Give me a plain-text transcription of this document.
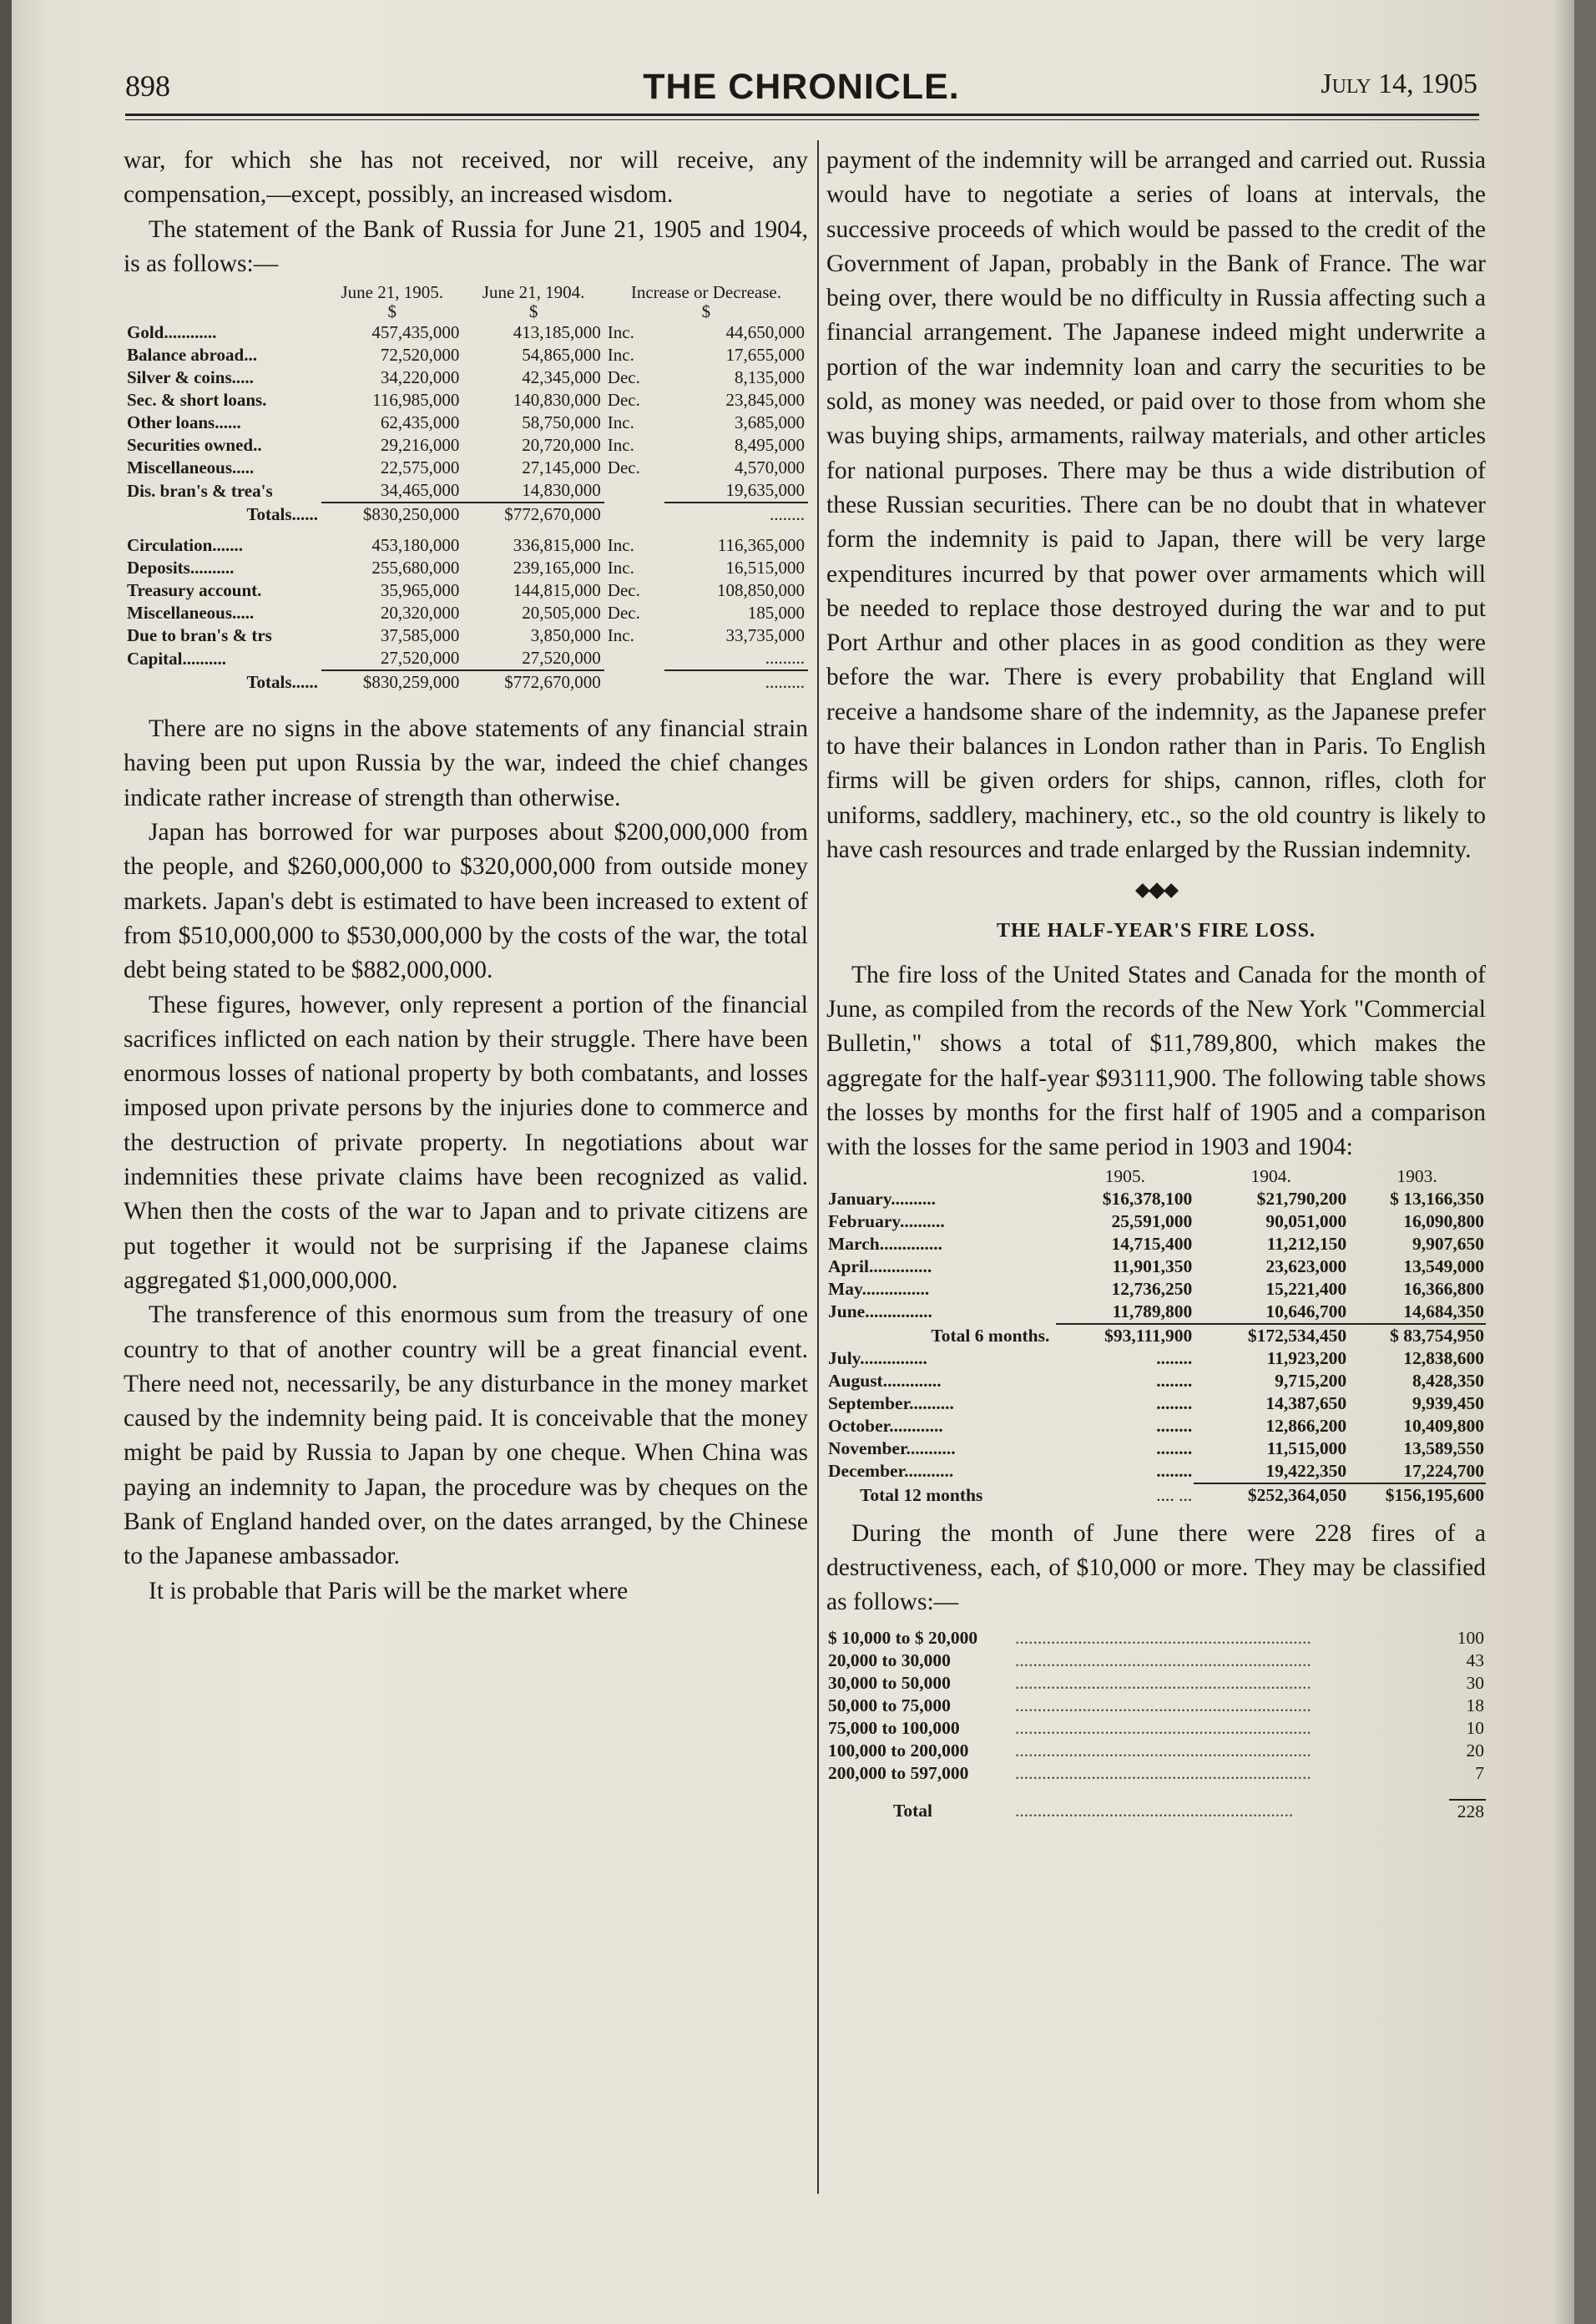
898	THE CHRONICLE.	July 14, 1905

war, for which she has not received, nor will receive, any compensation,—except, possibly, an increased wisdom.

The statement of the Bank of Russia for June 21, 1905 and 1904, is as follows:—

	June 21, 1905.	June 21, 1904.	Increase or Decrease.	
	$	$	$	
Gold............	457,435,000	413,185,000	Inc.	44,650,000
Balance abroad...	72,520,000	54,865,000	Inc.	17,655,000
Silver & coins.....	34,220,000	42,345,000	Dec.	8,135,000
Sec. & short loans.	116,985,000	140,830,000	Dec.	23,845,000
Other loans......	62,435,000	58,750,000	Inc.	3,685,000
Securities owned..	29,216,000	20,720,000	Inc.	8,495,000
Miscellaneous.....	22,575,000	27,145,000	Dec.	4,570,000
Dis. bran's & trea's	34,465,000	14,830,000		19,635,000

Totals......	$830,250,000	$772,670,000		........

Circulation.......	453,180,000	336,815,000	Inc.	116,365,000
Deposits..........	255,680,000	239,165,000	Inc.	16,515,000
Treasury account.	35,965,000	144,815,000	Dec.	108,850,000
Miscellaneous.....	20,320,000	20,505,000	Dec.	185,000
Due to bran's & trs	37,585,000	3,850,000	Inc.	33,735,000
Capital..........	27,520,000	27,520,000		.........

Totals......	$830,259,000	$772,670,000		.........

There are no signs in the above statements of any financial strain having been put upon Russia by the war, indeed the chief changes indicate rather increase of strength than otherwise.

Japan has borrowed for war purposes about $200,000,000 from the people, and $260,000,000 to $320,000,000 from outside money markets. Japan's debt is estimated to have been increased to extent of from $510,000,000 to $530,000,000 by the costs of the war, the total debt being stated to be $882,000,000.

These figures, however, only represent a portion of the financial sacrifices inflicted on each nation by their struggle. There have been enormous losses of national property by both combatants, and losses imposed upon private persons by the injuries done to commerce and the destruction of private property. In negotiations about war indemnities these private claims have been recognized as valid. When then the costs of the war to Japan and to private citizens are put together it would not be surprising if the Japanese claims aggregated $1,000,000,000.

The transference of this enormous sum from the treasury of one country to that of another country will be a great financial event. There need not, necessarily, be any disturbance in the money market caused by the indemnity being paid. It is conceivable that the money might be paid by Russia to Japan by one cheque. When China was paying an indemnity to Japan, the procedure was by cheques on the Bank of England handed over, on the dates arranged, by the Chinese to the Japanese ambassador.

It is probable that Paris will be the market where

payment of the indemnity will be arranged and carried out. Russia would have to negotiate a series of loans at intervals, the successive proceeds of which would be passed to the credit of the Government of Japan, probably in the Bank of France. The war being over, there would be no difficulty in Russia affecting such a financial arrangement. The Japanese indeed might underwrite a portion of the war indemnity loan and carry the securities to be sold, as money was needed, or paid over to those from whom she was buying ships, armaments, railway materials, and other articles for national purposes. There may be thus a wide distribution of these Russian securities. There can be no doubt that in whatever form the indemnity is paid to Japan, there will be very large expenditures incurred by that power over armaments which will be needed to replace those destroyed during the war and to put Port Arthur and other places in as good condition as they were before the war. There is every probability that England will receive a handsome share of the indemnity, as the Japanese prefer to have their balances in London rather than in Paris. To English firms will be given orders for ships, cannon, rifles, cloth for uniforms, saddlery, machinery, etc., so the old country is likely to have cash resources and trade enlarged by the Russian indemnity.

⬥◆⬥
THE HALF-YEAR'S FIRE LOSS.

The fire loss of the United States and Canada for the month of June, as compiled from the records of the New York "Commercial Bulletin," shows a total of $11,789,800, which makes the aggregate for the half-year $93111,900. The following table shows the losses by months for the first half of 1905 and a comparison with the losses for the same period in 1903 and 1904:

	1905.	1904.	1903.
January..........	$16,378,100	$21,790,200	$ 13,166,350
February..........	25,591,000	90,051,000	16,090,800
March..............	14,715,400	11,212,150	9,907,650
April..............	11,901,350	23,623,000	13,549,000
May...............	12,736,250	15,221,400	16,366,800
June...............	11,789,800	10,646,700	14,684,350

Total 6 months.	$93,111,900	$172,534,450	$ 83,754,950
July...............	........	11,923,200	12,838,600
August.............	........	9,715,200	8,428,350
September..........	........	14,387,650	9,939,450
October............	........	12,866,200	10,409,800
November...........	........	11,515,000	13,589,550
December...........	........	19,422,350	17,224,700

Total 12 months	.... ...	$252,364,050	$156,195,600

During the month of June there were 228 fires of a destructiveness, each, of $10,000 or more. They may be classified as follows:—

$ 10,000 to $ 20,000	..................................................................	100
20,000 to 30,000	..................................................................	43
30,000 to 50,000	..................................................................	30
50,000 to 75,000	..................................................................	18
75,000 to 100,000	..................................................................	10
100,000 to 200,000	..................................................................	20
200,000 to 597,000	..................................................................	7

Total	..............................................................	228
